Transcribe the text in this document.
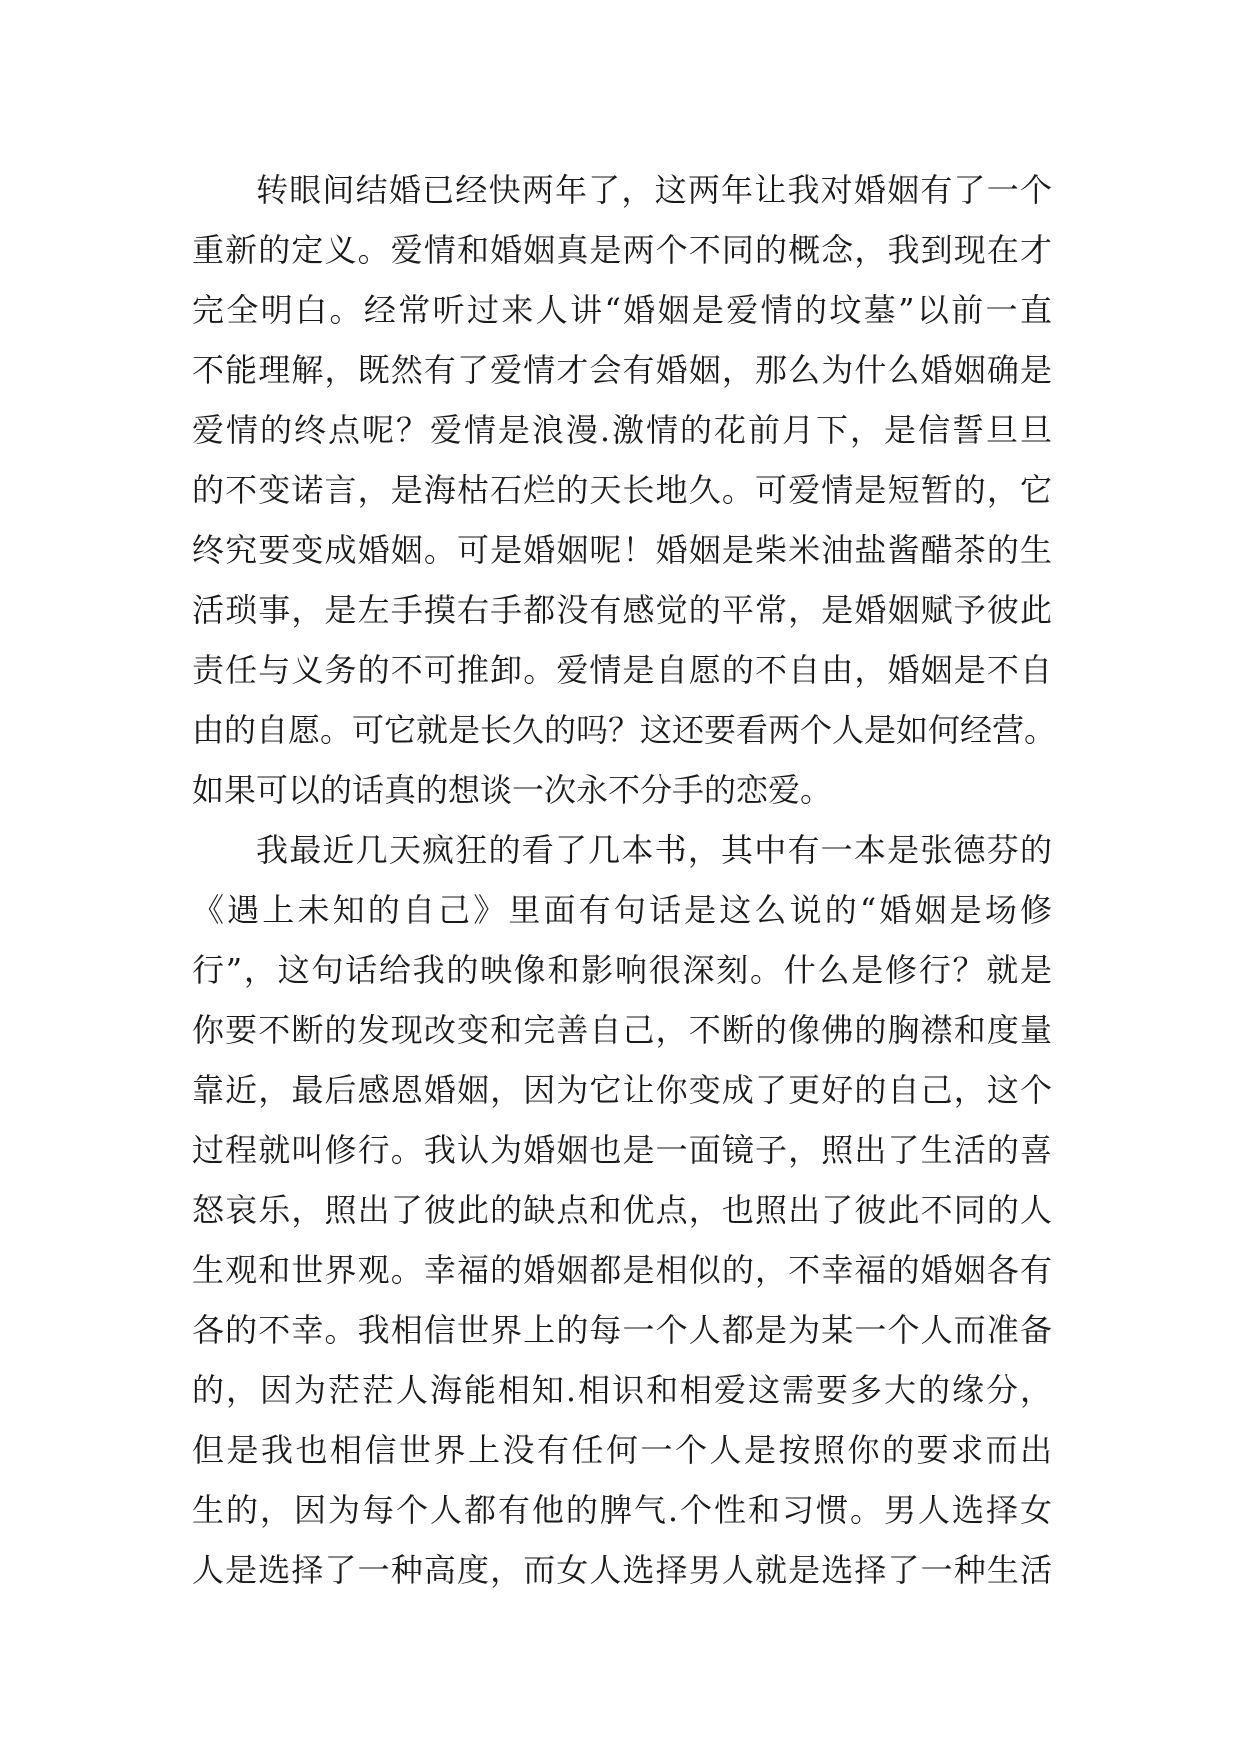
转眼间结婚已经快两年了，这两年让我对婚姻有了一个
重新的定义。爱情和婚姻真是两个不同的概念，我到现在才
完全明白。经常听过来人讲“婚姻是爱情的坟墓”以前一直
不能理解，既然有了爱情才会有婚姻，那么为什么婚姻确是
爱情的终点呢？爱情是浪漫.激情的花前月下，是信誓旦旦
的不变诺言，是海枯石烂的天长地久。可爱情是短暂的，它
终究要变成婚姻。可是婚姻呢！婚姻是柴米油盐酱醋茶的生
活琐事，是左手摸右手都没有感觉的平常，是婚姻赋予彼此
责任与义务的不可推卸。爱情是自愿的不自由，婚姻是不自
由的自愿。可它就是长久的吗？这还要看两个人是如何经营。
如果可以的话真的想谈一次永不分手的恋爱。
我最近几天疯狂的看了几本书，其中有一本是张德芬的
《遇上未知的自己》里面有句话是这么说的“婚姻是场修
行”，这句话给我的映像和影响很深刻。什么是修行？就是
你要不断的发现改变和完善自己，不断的像佛的胸襟和度量
靠近，最后感恩婚姻，因为它让你变成了更好的自己，这个
过程就叫修行。我认为婚姻也是一面镜子，照出了生活的喜
怒哀乐，照出了彼此的缺点和优点，也照出了彼此不同的人
生观和世界观。幸福的婚姻都是相似的，不幸福的婚姻各有
各的不幸。我相信世界上的每一个人都是为某一个人而准备
的，因为茫茫人海能相知.相识和相爱这需要多大的缘分，
但是我也相信世界上没有任何一个人是按照你的要求而出
生的，因为每个人都有他的脾气.个性和习惯。男人选择女
人是选择了一种高度，而女人选择男人就是选择了一种生活
